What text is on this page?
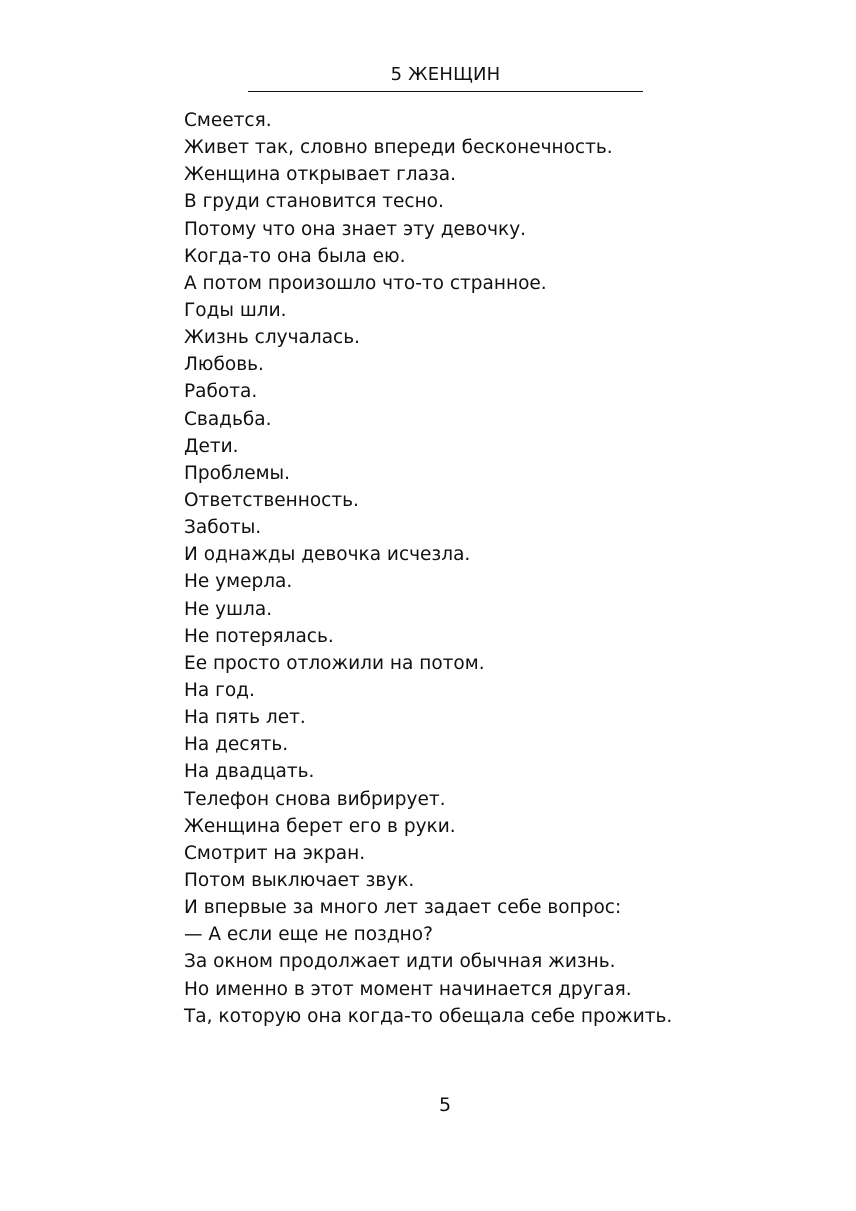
5 ЖЕНЩИН
Смеется.
Живет так, словно впереди бесконечность.
Женщина открывает глаза.
В груди становится тесно.
Потому что она знает эту девочку.
Когда-то она была ею.
А потом произошло что-то странное.
Годы шли.
Жизнь случалась.
Любовь.
Работа.
Свадьба.
Дети.
Проблемы.
Ответственность.
Заботы.
И однажды девочка исчезла.
Не умерла.
Не ушла.
Не потерялась.
Ее просто отложили на потом.
На год.
На пять лет.
На десять.
На двадцать.
Телефон снова вибрирует.
Женщина берет его в руки.
Смотрит на экран.
Потом выключает звук.
И впервые за много лет задает себе вопрос:
— А если еще не поздно?
За окном продолжает идти обычная жизнь.
Но именно в этот момент начинается другая.
Та, которую она когда-то обещала себе прожить.
5
